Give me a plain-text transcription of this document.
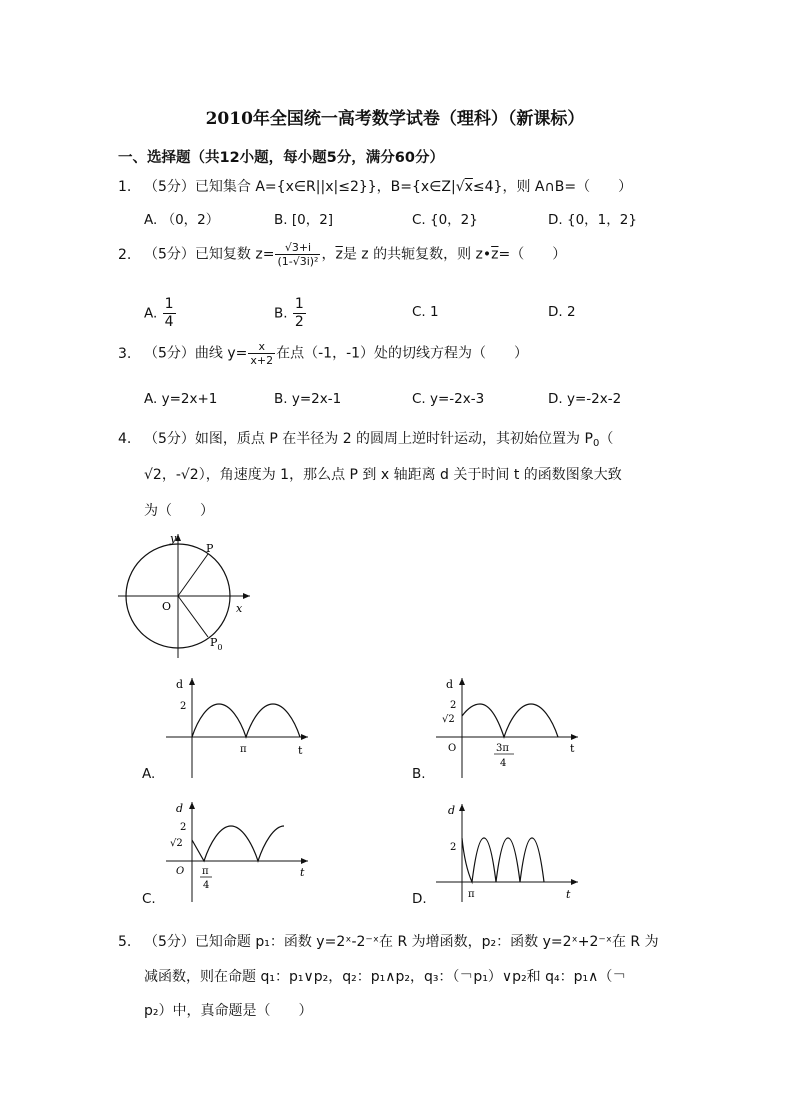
2010年全国统一高考数学试卷（理科）（新课标）
一、选择题（共12小题，每小题5分，满分60分）
1. （5分）已知集合 A={x∈R||x|≤2}}，B={x∈Z|√x≤4}，则 A∩B=（　　）
A. （0，2）	B. [0，2]	C. {0，2}	D. {0，1，2}
2. （5分）已知复数 $z= \frac{√3+i}{\text{(1-√3i)²}}$ ，$\overline{z}$是 z 的共轭复数，则 $z•\overline{z}=$（　　）
A. $\frac{1}{4}$	B. $\frac{1}{2}$	C. 1	D. 2
3. （5分）曲线 $y= \frac{x}{x+2}$ 在点（-1，-1）处的切线方程为（　　）
A. y=2x+1	B. y=2x-1	C. y=-2x-3	D. y=-2x-2
4. （5分）如图，质点 P 在半径为 2 的圆周上逆时针运动，其初始位置为 $P_0$（
√2，-√2），角速度为 1，那么点 P 到 x 轴距离 d 关于时间 t 的函数图象大致
为（　　）
y
x
O
P
$P_0$
d
2
π	t
A.
d
2
√2
O	3π
4
t
B.
d
2
√2
O π
4
t
C.
d
2
π	t
D.
5. （5分）已知命题 p₁：函数 y=2ˣ-2⁻ˣ在 R 为增函数，p₂：函数 y=2ˣ+2⁻ˣ在 R 为
减函数，则在命题 q₁：p₁∨p₂，q₂：p₁∧p₂，q₃：（￢p₁）∨p₂和 q₄：p₁∧（￢
p₂）中，真命题是（　　）
